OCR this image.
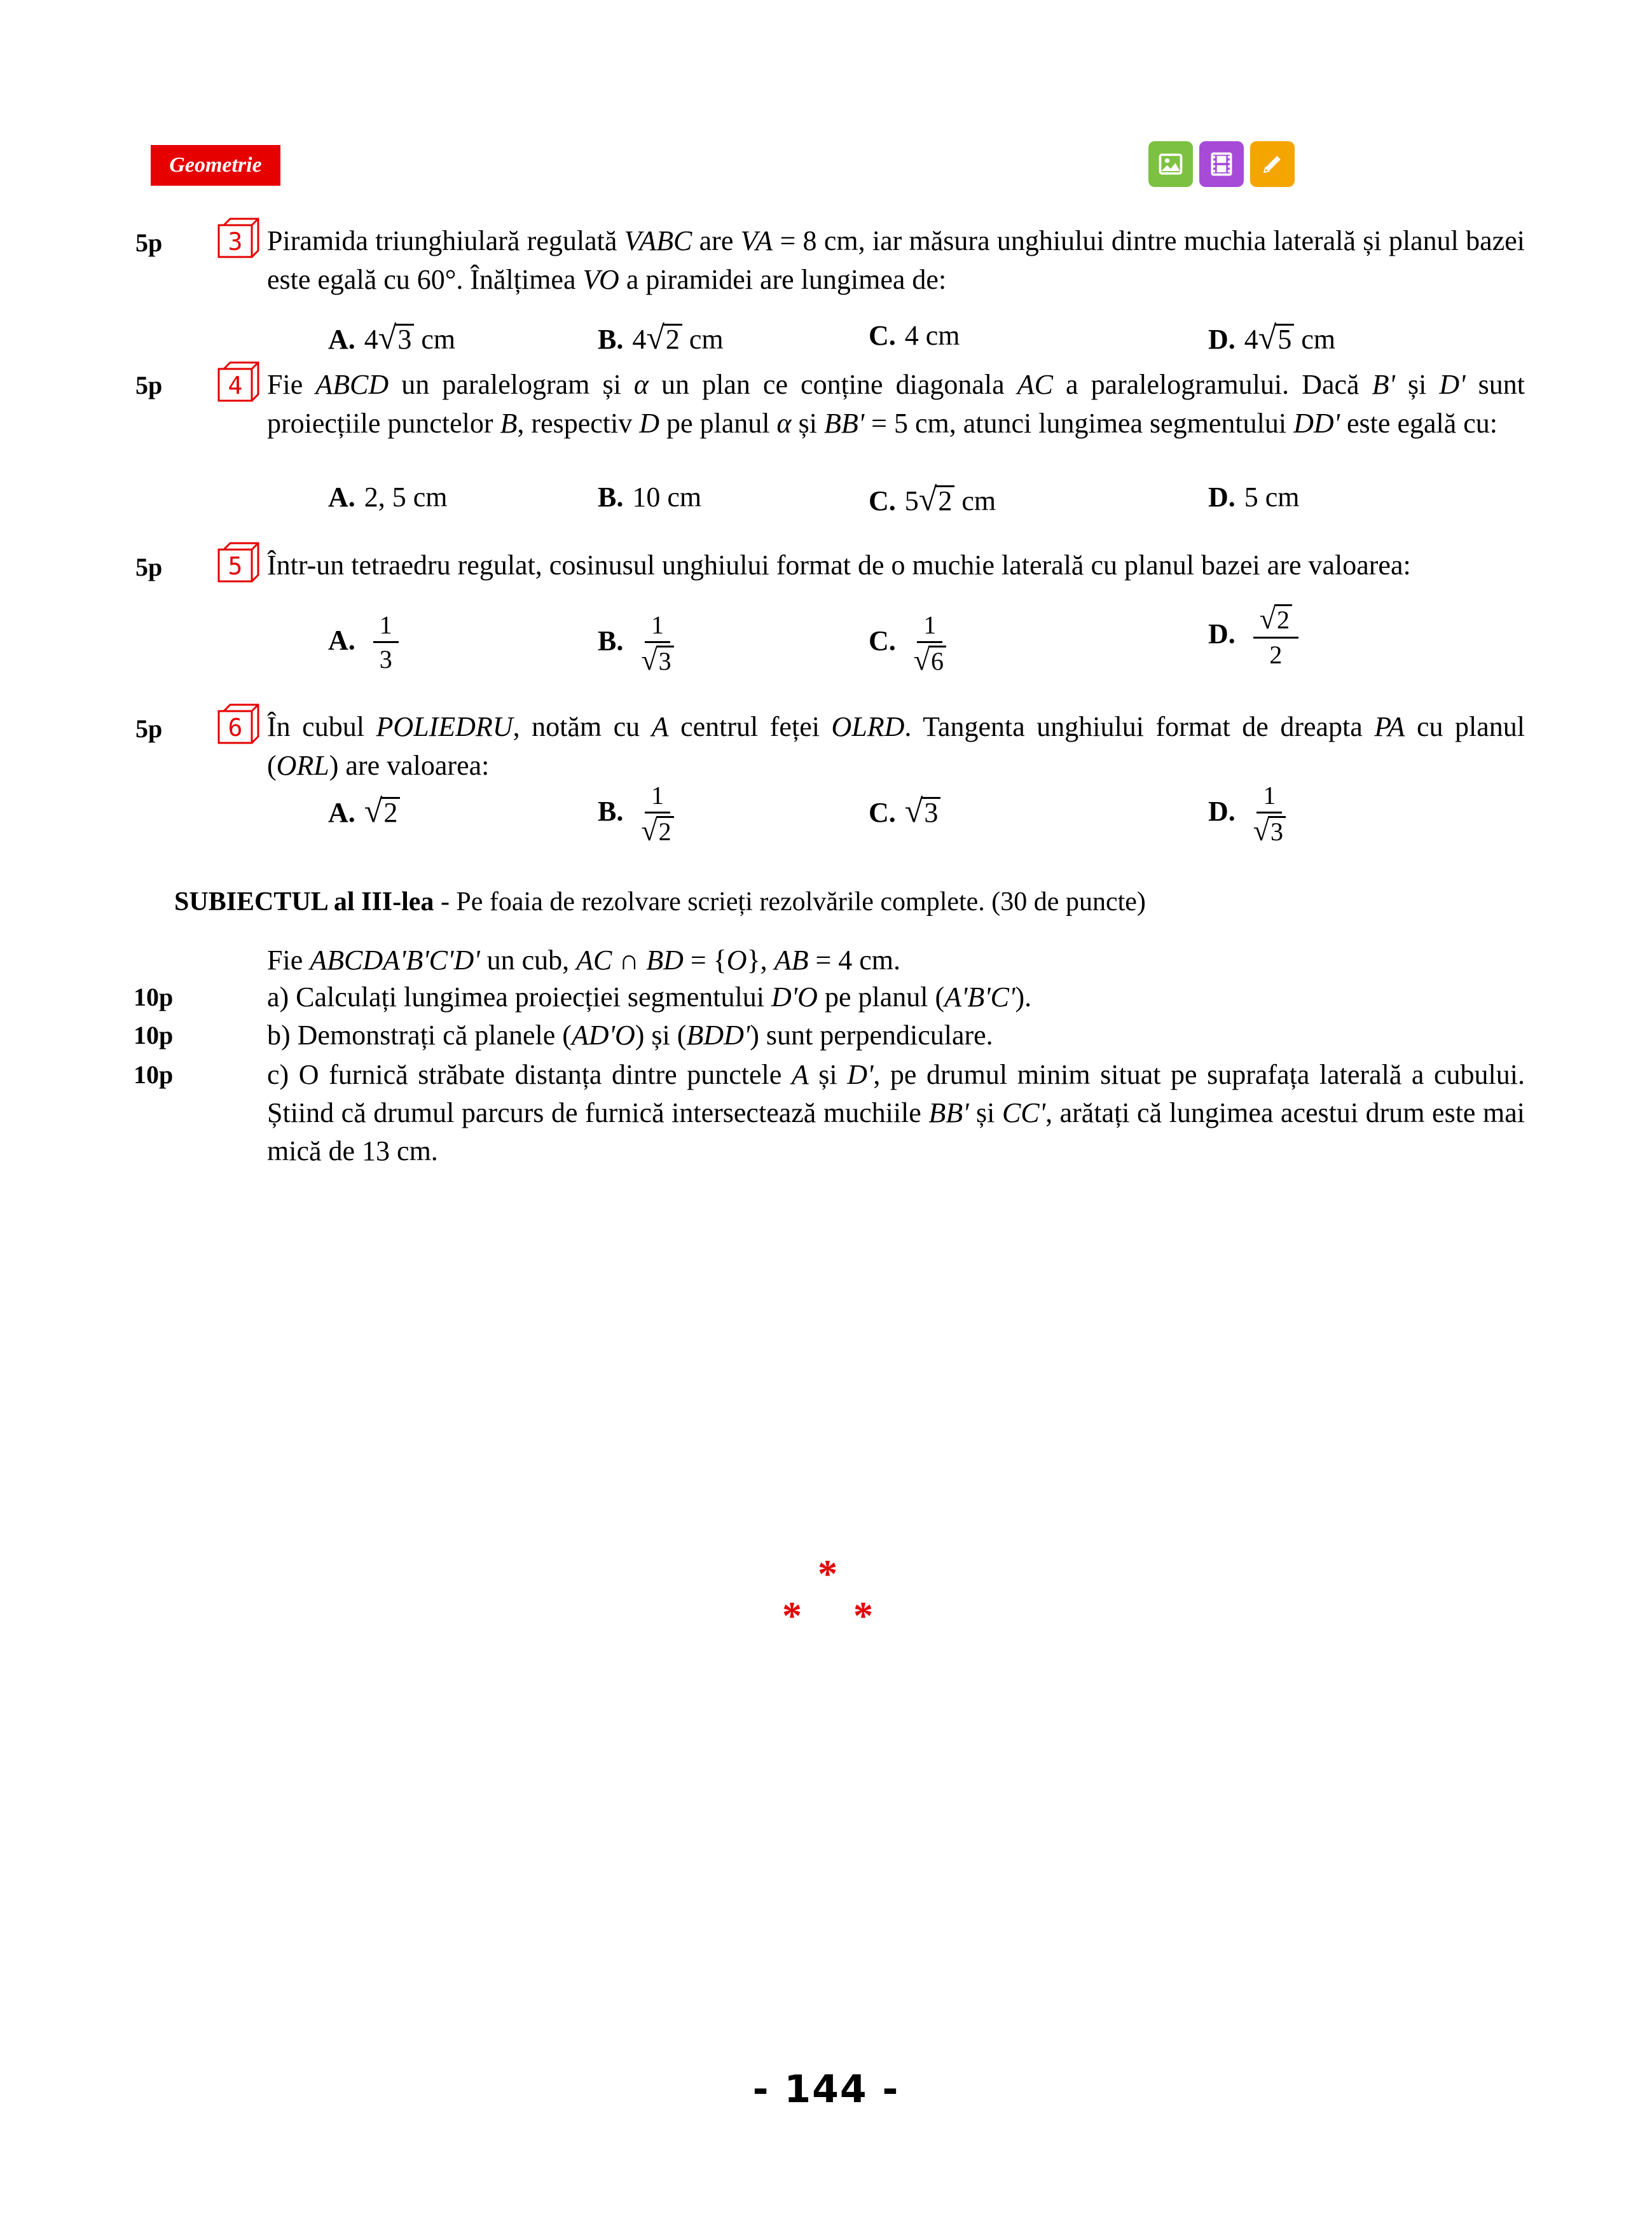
Geometrie
5p	3 Piramida triunghiulară regulată VABC are VA = 8 cm, iar măsura unghiului dintre muchia laterală și planul bazei este egală cu 60°. Înălțimea VO a piramidei are lungimea de:

A. 4√3 cm	B. 4√2 cm	C. 4 cm	D. 4√5 cm
5p	4 Fie ABCD un paralelogram și α un plan ce conține diagonala AC a paralelogramului. Dacă B' și D' sunt proiecțiile punctelor B, respectiv D pe planul α și BB' = 5 cm, atunci lungimea segmentului DD' este egală cu:

A. 2, 5 cm	B. 10 cm	C. 5√2 cm	D. 5 cm
5p	5 Într-un tetraedru regulat, cosinusul unghiului format de o muchie laterală cu planul bazei are valoarea:

A. $\frac{1}{3}$	B. $\frac{1}{√3}$	C. $\frac{1}{√6}$	D. $\frac{√2}{2}$
5p	6 În cubul POLIEDRU, notăm cu A centrul feței OLRD. Tangenta unghiului format de dreapta PA cu planul (ORL) are valoarea:

A. √2	B. $\frac{1}{√2}$	C. √3	D. $\frac{1}{√3}$
SUBIECTUL al III-lea - Pe foaia de rezolvare scrieți rezolvările complete. (30 de puncte)
Fie ABCDA'B'C'D' un cub, AC ∩ BD = {O}, AB = 4 cm.
10p	a) Calculați lungimea proiecției segmentului D'O pe planul (A'B'C').
10p	b) Demonstrați că planele (AD'O) și (BDD') sunt perpendiculare.
10p	c) O furnică străbate distanța dintre punctele A și D', pe drumul minim situat pe suprafața laterală a cubului. Știind că drumul parcurs de furnică intersectează muchiile BB' și CC', arătați că lungimea acestui drum este mai mică de 13 cm.
*
* *
- 144 -
